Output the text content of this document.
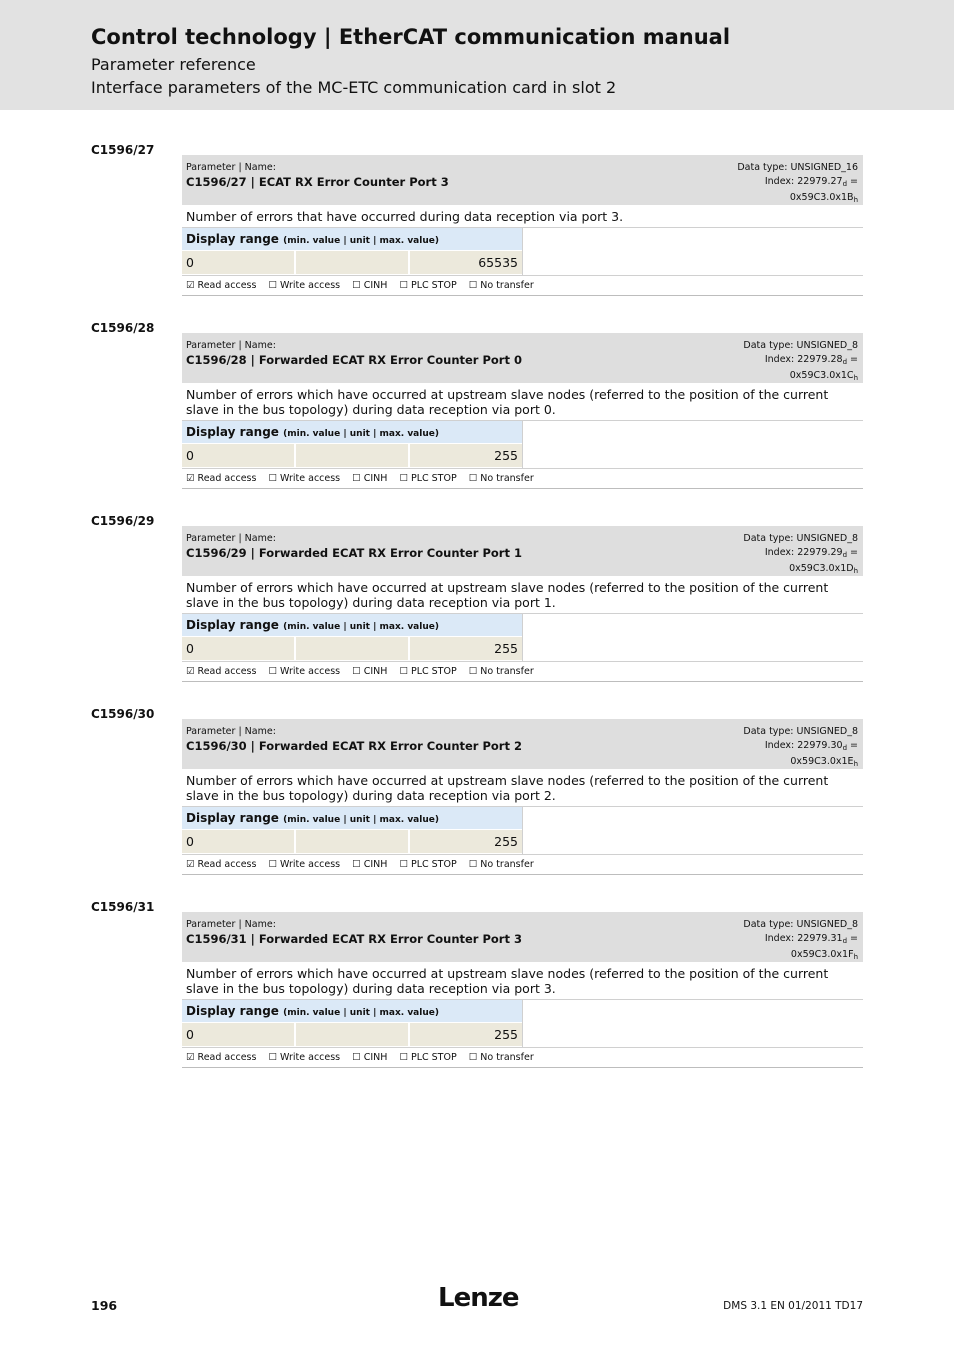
Control technology | EtherCAT communication manual
Parameter reference
Interface parameters of the MC-ETC communication card in slot 2
C1596/27
Parameter | Name:
C1596/27 | ECAT RX Error Counter Port 3
Data type: UNSIGNED_16
Index: $22979.27_d$ =
$0x59C3.0x1B_h$
Number of errors that have occurred during data reception via port 3.
Display range (min. value | unit | max. value)
0	65535
☑ Read access ☐ Write access ☐ CINH ☐ PLC STOP ☐ No transfer
C1596/28
Parameter | Name:
C1596/28 | Forwarded ECAT RX Error Counter Port 0
Data type: UNSIGNED_8
Index: $22979.28_d$ =
$0x59C3.0x1C_h$
Number of errors which have occurred at upstream slave nodes (referred to the position of the current slave in the bus topology) during data reception via port 0.
Display range (min. value | unit | max. value)
0	255
☑ Read access ☐ Write access ☐ CINH ☐ PLC STOP ☐ No transfer
C1596/29
Parameter | Name:
C1596/29 | Forwarded ECAT RX Error Counter Port 1
Data type: UNSIGNED_8
Index: $22979.29_d$ =
$0x59C3.0x1D_h$
Number of errors which have occurred at upstream slave nodes (referred to the position of the current slave in the bus topology) during data reception via port 1.
Display range (min. value | unit | max. value)
0	255
☑ Read access ☐ Write access ☐ CINH ☐ PLC STOP ☐ No transfer
C1596/30
Parameter | Name:
C1596/30 | Forwarded ECAT RX Error Counter Port 2
Data type: UNSIGNED_8
Index: $22979.30_d$ =
$0x59C3.0x1E_h$
Number of errors which have occurred at upstream slave nodes (referred to the position of the current slave in the bus topology) during data reception via port 2.
Display range (min. value | unit | max. value)
0	255
☑ Read access ☐ Write access ☐ CINH ☐ PLC STOP ☐ No transfer
C1596/31
Parameter | Name:
C1596/31 | Forwarded ECAT RX Error Counter Port 3
Data type: UNSIGNED_8
Index: $22979.31_d$ =
$0x59C3.0x1F_h$
Number of errors which have occurred at upstream slave nodes (referred to the position of the current slave in the bus topology) during data reception via port 3.
Display range (min. value | unit | max. value)
0	255
☑ Read access ☐ Write access ☐ CINH ☐ PLC STOP ☐ No transfer
196	Lenze	DMS 3.1 EN 01/2011 TD17
